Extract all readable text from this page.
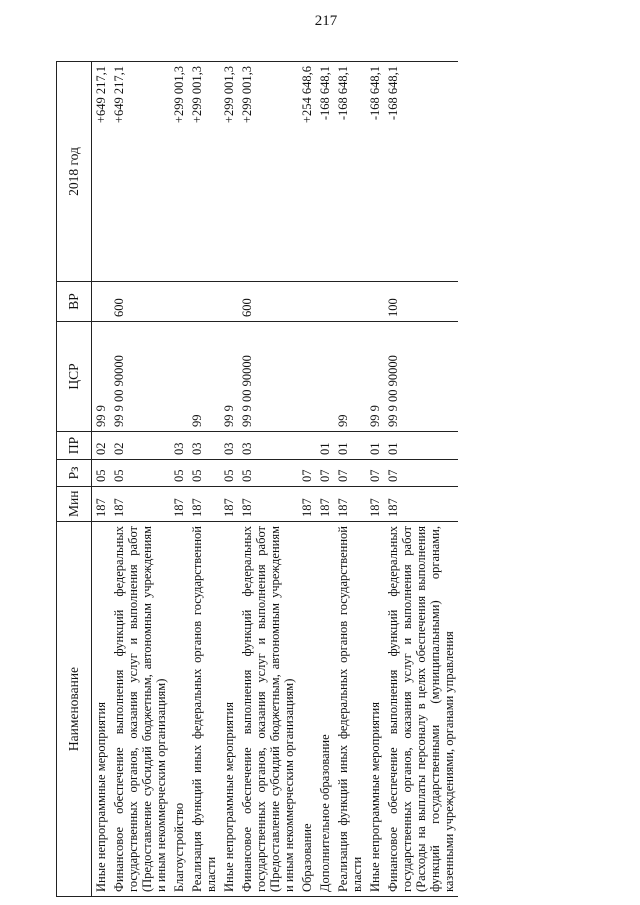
217
Наименование	Мин	Рз	ПР	ЦСР	ВР	2018 год
Иные непрограммные мероприятия	187	05	02	99 9		+649 217,1
Финансовое обеспечение выполнения функций федеральных государственных органов, оказания услуг и выполнения работ (Предоставление субсидий бюджетным, автономным учреждениям и иным некоммерческим организациям)	187	05	02	99 9 00 90000	600	+649 217,1
Благоустройство	187	05	03			+299 001,3
Реализация функций иных федеральных органов государственной власти	187	05	03	99		+299 001,3
Иные непрограммные мероприятия	187	05	03	99 9		+299 001,3
Финансовое обеспечение выполнения функций федеральных государственных органов, оказания услуг и выполнения работ (Предоставление субсидий бюджетным, автономным учреждениям и иным некоммерческим организациям)	187	05	03	99 9 00 90000	600	+299 001,3
Образование	187	07				+254 648,6
Дополнительное образование	187	07	01			-168 648,1
Реализация функций иных федеральных органов государственной власти	187	07	01	99		-168 648,1
Иные непрограммные мероприятия	187	07	01	99 9		-168 648,1
Финансовое обеспечение выполнения функций федеральных государственных органов, оказания услуг и выполнения работ (Расходы на выплаты персоналу в целях обеспечения выполнения функций государственными (муниципальными) органами, казенными учреждениями, органами управления	187	07	01	99 9 00 90000	100	-168 648,1
